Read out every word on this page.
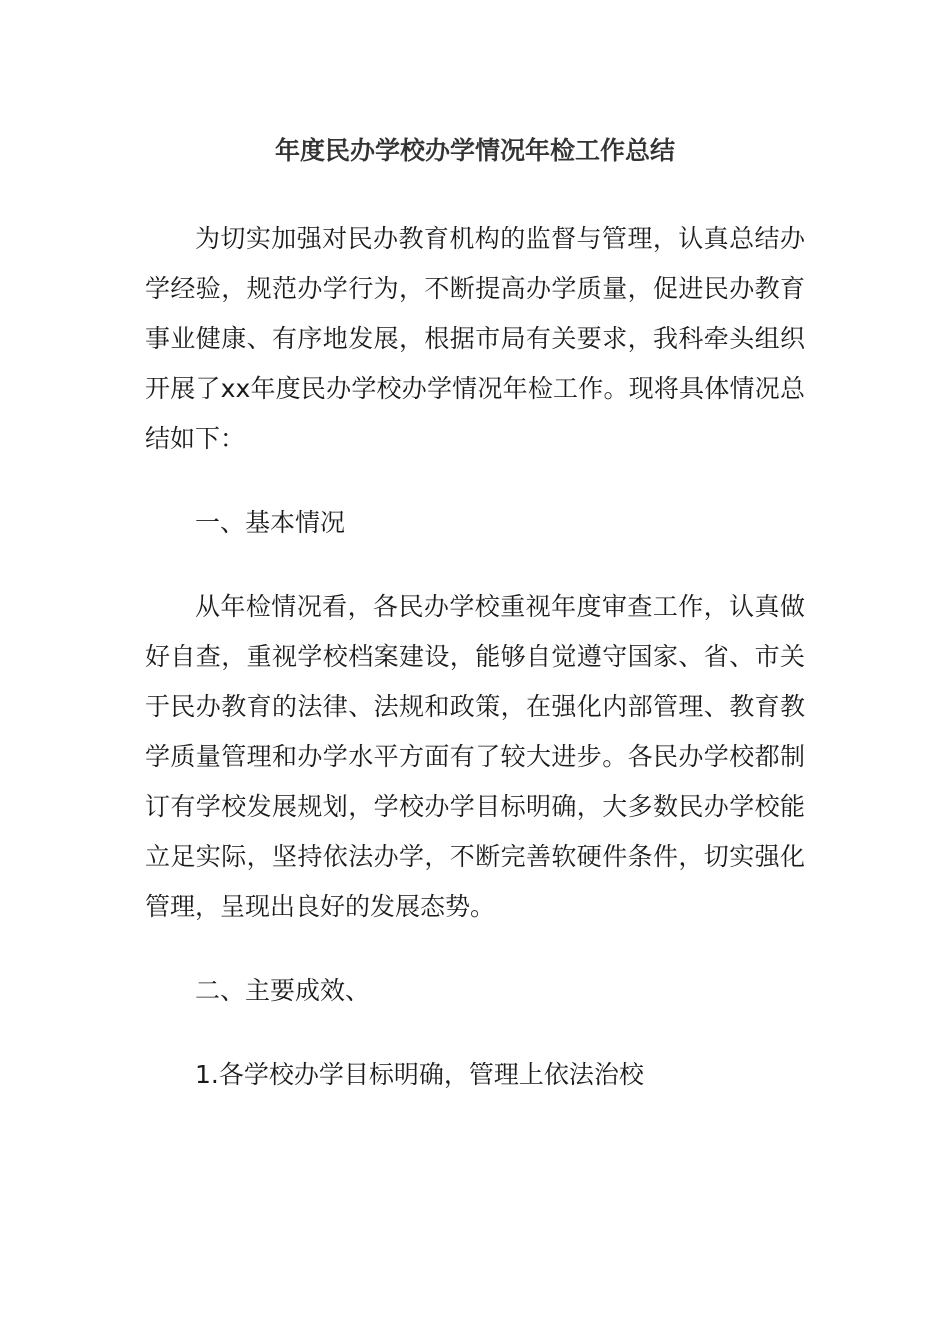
年度民办学校办学情况年检工作总结

为切实加强对民办教育机构的监督与管理，认真总结办学经验，规范办学行为，不断提高办学质量，促进民办教育事业健康、有序地发展，根据市局有关要求，我科牵头组织开展了xx年度民办学校办学情况年检工作。现将具体情况总结如下：

一、基本情况

从年检情况看，各民办学校重视年度审查工作，认真做好自查，重视学校档案建设，能够自觉遵守国家、省、市关于民办教育的法律、法规和政策，在强化内部管理、教育教学质量管理和办学水平方面有了较大进步。各民办学校都制订有学校发展规划，学校办学目标明确，大多数民办学校能立足实际，坚持依法办学，不断完善软硬件条件，切实强化管理，呈现出良好的发展态势。

二、主要成效、

1.各学校办学目标明确，管理上依法治校
